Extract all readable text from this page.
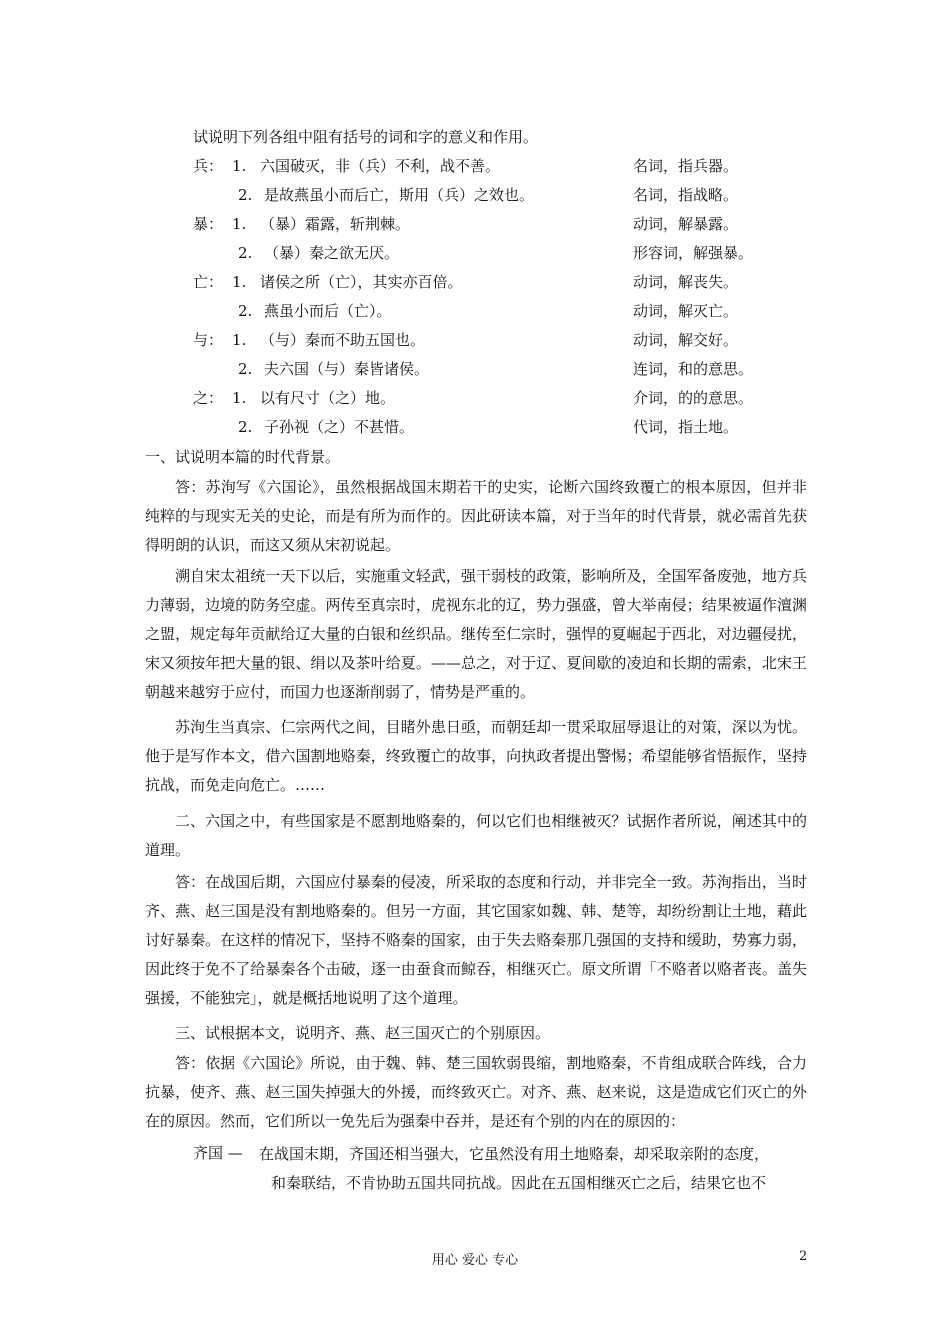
试说明下列各组中阻有括号的词和字的意义和作用。
兵： 1. 六国破灭，非（兵）不利，战不善。	名词，指兵器。
2. 是故燕虽小而后亡，斯用（兵）之效也。	名词，指战略。
暴： 1. （暴）霜露，斩荆棘。	动词，解暴露。
2. （暴）秦之欲无厌。	形容词，解强暴。
亡： 1. 诸侯之所（亡），其实亦百倍。	动词，解丧失。
2. 燕虽小而后（亡）。	动词，解灭亡。
与： 1. （与）秦而不助五国也。	动词，解交好。
2. 夫六国（与）秦皆诸侯。	连词，和的意思。
之： 1. 以有尺寸（之）地。	介词，的的意思。
2. 子孙视（之）不甚惜。	代词，指土地。
一、试说明本篇的时代背景。
答：苏洵写《六国论》，虽然根据战国末期若干的史实，论断六国终致覆亡的根本原因，但并非纯粹的与现实无关的史论，而是有所为而作的。因此研读本篇，对于当年的时代背景，就必需首先获得明朗的认识，而这又须从宋初说起。
溯自宋太祖统一天下以后，实施重文轻武，强干弱枝的政策，影响所及，全国军备废弛，地方兵力薄弱，边境的防务空虚。两传至真宗时，虎视东北的辽，势力强盛，曾大举南侵；结果被逼作澶渊之盟，规定每年贡献给辽大量的白银和丝织品。继传至仁宗时，强悍的夏崛起于西北，对边疆侵扰，宋又须按年把大量的银、绢以及茶叶给夏。——总之，对于辽、夏间歇的凌迫和长期的需索，北宋王朝越来越穷于应付，而国力也逐渐削弱了，情势是严重的。
苏洵生当真宗、仁宗两代之间，目睹外患日亟，而朝廷却一贯采取屈辱退让的对策，深以为忧。他于是写作本文，借六国割地赂秦，终致覆亡的故事，向执政者提出警惕；希望能够省悟振作，坚持抗战，而免走向危亡。……
二、六国之中，有些国家是不愿割地赂秦的，何以它们也相继被灭？试据作者所说，阐述其中的道理。
答：在战国后期，六国应付暴秦的侵凌，所采取的态度和行动，并非完全一致。苏洵指出，当时齐、燕、赵三国是没有割地赂秦的。但另一方面，其它国家如魏、韩、楚等，却纷纷割让土地，藉此讨好暴秦。在这样的情况下，坚持不赂秦的国家，由于失去赂秦那几强国的支持和缓助，势寡力弱，因此终于免不了给暴秦各个击破，逐一由蚕食而鲸吞，相继灭亡。原文所谓「不赂者以赂者丧。盖失强援，不能独完」，就是概括地说明了这个道理。
三、试根据本文，说明齐、燕、赵三国灭亡的个别原因。
答：依据《六国论》所说，由于魏、韩、楚三国软弱畏缩，割地赂秦，不肯组成联合阵线，合力抗暴，使齐、燕、赵三国失掉强大的外援，而终致灭亡。对齐、燕、赵来说，这是造成它们灭亡的外在的原因。然而，它们所以一免先后为强秦中吞并，是还有个别的内在的原因的：
齐国 — 在战国末期，齐国还相当强大，它虽然没有用土地赂秦，却采取亲附的态度，
和秦联结，不肯协助五国共同抗战。因此在五国相继灭亡之后，结果它也不
用心 爱心 专心	2
